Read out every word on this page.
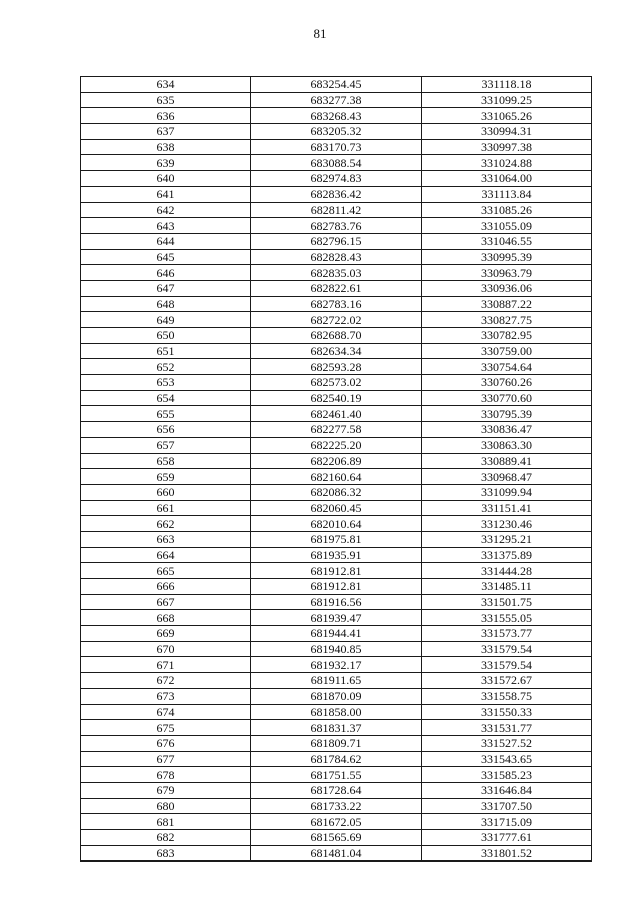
81
634	683254.45	331118.18
635	683277.38	331099.25
636	683268.43	331065.26
637	683205.32	330994.31
638	683170.73	330997.38
639	683088.54	331024.88
640	682974.83	331064.00
641	682836.42	331113.84
642	682811.42	331085.26
643	682783.76	331055.09
644	682796.15	331046.55
645	682828.43	330995.39
646	682835.03	330963.79
647	682822.61	330936.06
648	682783.16	330887.22
649	682722.02	330827.75
650	682688.70	330782.95
651	682634.34	330759.00
652	682593.28	330754.64
653	682573.02	330760.26
654	682540.19	330770.60
655	682461.40	330795.39
656	682277.58	330836.47
657	682225.20	330863.30
658	682206.89	330889.41
659	682160.64	330968.47
660	682086.32	331099.94
661	682060.45	331151.41
662	682010.64	331230.46
663	681975.81	331295.21
664	681935.91	331375.89
665	681912.81	331444.28
666	681912.81	331485.11
667	681916.56	331501.75
668	681939.47	331555.05
669	681944.41	331573.77
670	681940.85	331579.54
671	681932.17	331579.54
672	681911.65	331572.67
673	681870.09	331558.75
674	681858.00	331550.33
675	681831.37	331531.77
676	681809.71	331527.52
677	681784.62	331543.65
678	681751.55	331585.23
679	681728.64	331646.84
680	681733.22	331707.50
681	681672.05	331715.09
682	681565.69	331777.61
683	681481.04	331801.52
